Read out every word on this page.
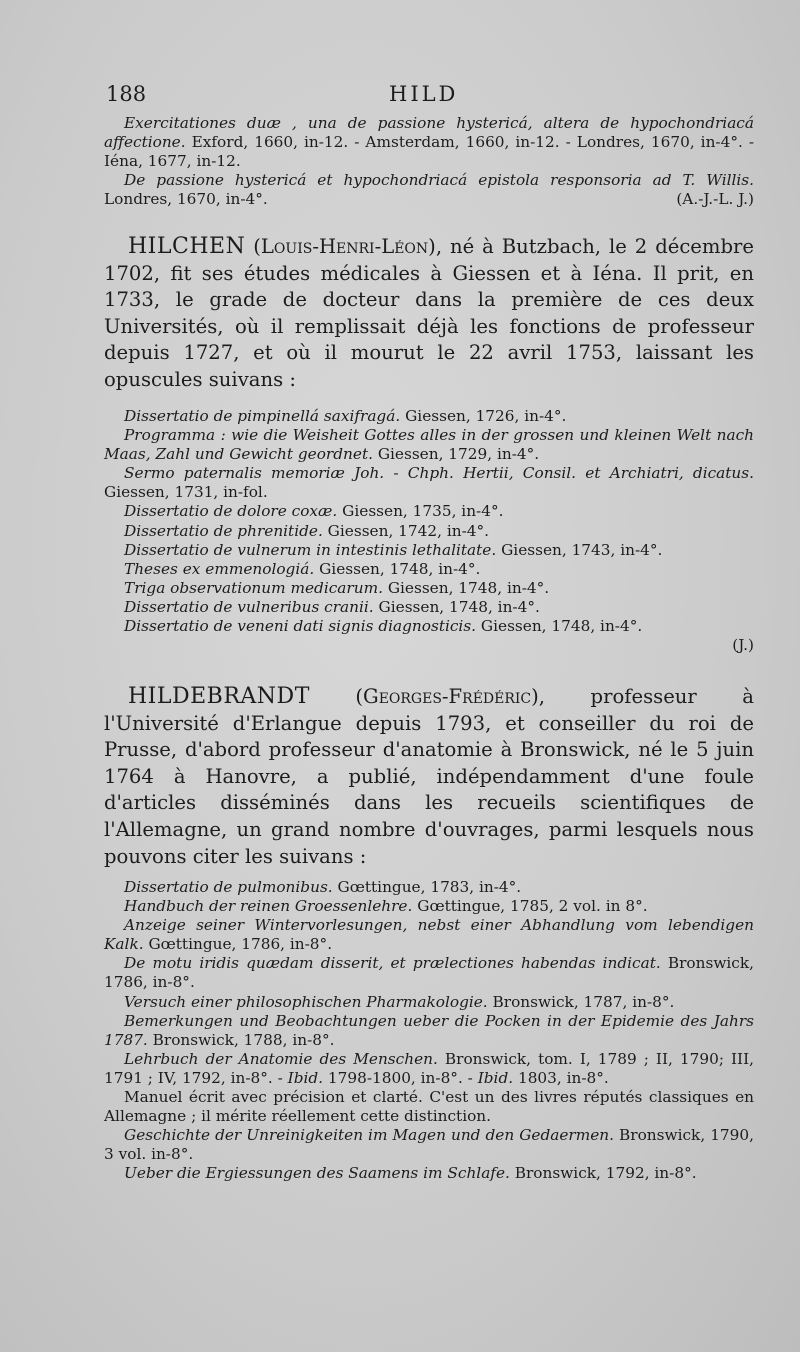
188	HILD

Exercitationes duæ , una de passione hystericá, altera de hypochondriacá affectione. Exford, 1660, in-12. - Amsterdam, 1660, in-12. - Londres, 1670, in-4°. - Iéna, 1677, in-12.

De passione hystericá et hypochondriacá epistola responsoria ad T. Willis. Londres, 1670, in-4°.	(A.-J.-L. J.)

HILCHEN (Louis-Henri-Léon), né à Butzbach, le 2 décembre 1702, fit ses études médicales à Giessen et à Iéna. Il prit, en 1733, le grade de docteur dans la première de ces deux Universités, où il remplissait déjà les fonctions de professeur depuis 1727, et où il mourut le 22 avril 1753, laissant les opuscules suivans :

Dissertatio de pimpinellá saxifragá. Giessen, 1726, in-4°.

Programma : wie die Weisheit Gottes alles in der grossen und kleinen Welt nach Maas, Zahl und Gewicht geordnet. Giessen, 1729, in-4°.

Sermo paternalis memoriæ Joh. - Chph. Hertii, Consil. et Archiatri, dicatus. Giessen, 1731, in-fol.

Dissertatio de dolore coxæ. Giessen, 1735, in-4°.

Dissertatio de phrenitide. Giessen, 1742, in-4°.

Dissertatio de vulnerum in intestinis lethalitate. Giessen, 1743, in-4°.

Theses ex emmenologiá. Giessen, 1748, in-4°.

Triga observationum medicarum. Giessen, 1748, in-4°.

Dissertatio de vulneribus cranii. Giessen, 1748, in-4°.

Dissertatio de veneni dati signis diagnosticis. Giessen, 1748, in-4°.

(J.)

HILDEBRANDT (Georges-Frédéric), professeur à l'Université d'Erlangue depuis 1793, et conseiller du roi de Prusse, d'abord professeur d'anatomie à Bronswick, né le 5 juin 1764 à Hanovre, a publié, indépendamment d'une foule d'articles disséminés dans les recueils scientifiques de l'Allemagne, un grand nombre d'ouvrages, parmi lesquels nous pouvons citer les suivans :

Dissertatio de pulmonibus. Gœttingue, 1783, in-4°.

Handbuch der reinen Groessenlehre. Gœttingue, 1785, 2 vol. in 8°.

Anzeige seiner Wintervorlesungen, nebst einer Abhandlung vom lebendigen Kalk. Gœttingue, 1786, in-8°.

De motu iridis quædam disserit, et prælectiones habendas indicat. Bronswick, 1786, in-8°.

Versuch einer philosophischen Pharmakologie. Bronswick, 1787, in-8°.

Bemerkungen und Beobachtungen ueber die Pocken in der Epidemie des Jahrs 1787. Bronswick, 1788, in-8°.

Lehrbuch der Anatomie des Menschen. Bronswick, tom. I, 1789 ; II, 1790; III, 1791 ; IV, 1792, in-8°. - Ibid. 1798-1800, in-8°. - Ibid. 1803, in-8°.

Manuel écrit avec précision et clarté. C'est un des livres réputés classiques en Allemagne ; il mérite réellement cette distinction.

Geschichte der Unreinigkeiten im Magen und den Gedaermen. Bronswick, 1790, 3 vol. in-8°.

Ueber die Ergiessungen des Saamens im Schlafe. Bronswick, 1792, in-8°.
